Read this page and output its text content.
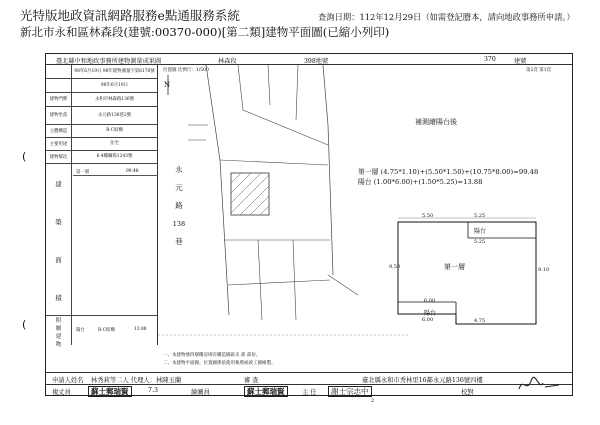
光特版地政資訊網路服務e點通服務系統
新北市永和區林森段(建號:00370-000)[第二類]建物平面圖(已縮小列印)
查詢日期：112年12月29日（如需登記謄本，請向地政事務所申請。）
(
(
臺北縣中和地政事務所建物測量成果圖	林森段	398地號	370	建號
98年6月19日 98年建物測量字第6176號
98年6月19日
建物門牌	永和市林森路136號
建物坐落	永元路136巷2號
主體構造	R·C結構
主要用途	住宅
建物層次	6·4樓鋼筋1243號
建
築
面
積
第一層	99.48
附
屬
建
物
陽台	R·C結構	13.88
位置圖 比例尺：1/500	第2頁 第1頁
N
永
元
路
138
巷
一、本建物係四層樓房則有構造圖區未 部 部份。
二、本建物平面圖、位置圖係依使用執照或竣工圖繪製。
申請人姓名 林秀莉等二人 代理人：林陳玉蘭	審 查	臺北縣永和市秀林里16鄰永元路136號四樓
複丈員	蘇士郵瑞賢	7.3	繪圖員	蘇士郵瑞賢	主 任	謝士宗志中	校對
2
補測繪陽台後
第一層 (4.75*1.10)+(5.50*1.50)+(10.75*8.00)=99.48
陽台 (1.00*6.00)+(1.50*5.25)=13.88
5.50	5.25
陽台
5.25
9.50	9.10
第一層
6.00
陽台
6.00	4.75
